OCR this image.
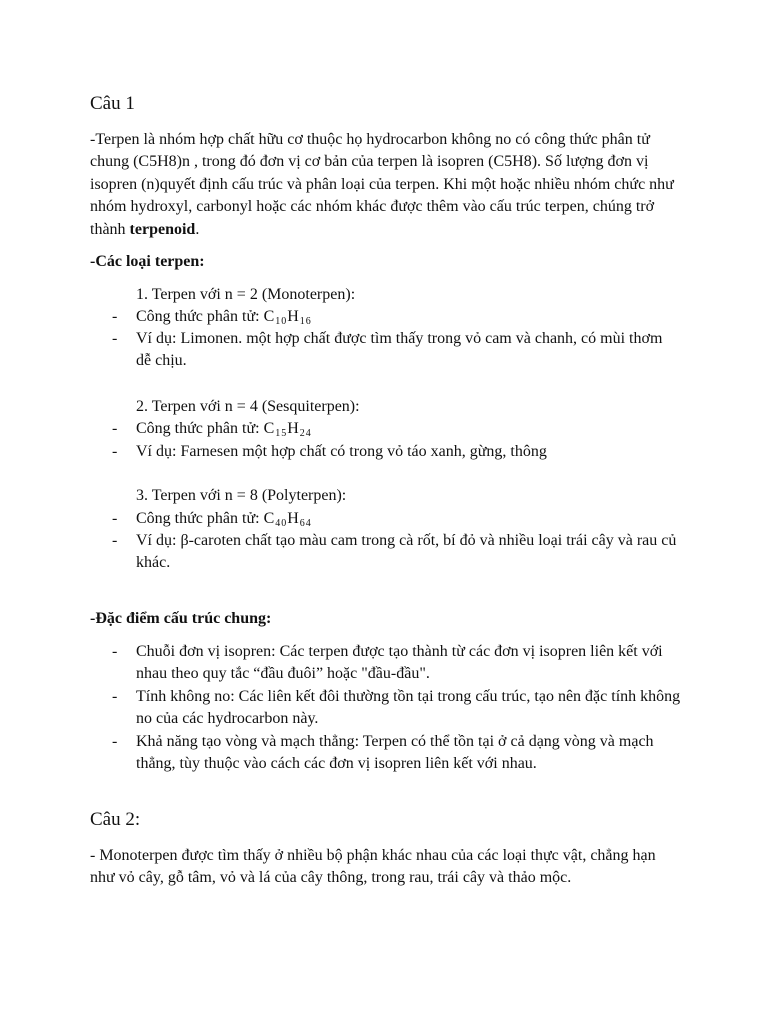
Câu 1

-Terpen là nhóm hợp chất hữu cơ thuộc họ hydrocarbon không no có công thức phân tử chung (C5H8)n , trong đó đơn vị cơ bản của terpen là isopren (C5H8). Số lượng đơn vị isopren (n)quyết định cấu trúc và phân loại của terpen. Khi một hoặc nhiều nhóm chức như nhóm hydroxyl, carbonyl hoặc các nhóm khác được thêm vào cấu trúc terpen, chúng trở thành terpenoid.

-Các loại terpen:

1. Terpen với n = 2 (Monoterpen):

- Công thức phân tử: $C_{10}H_{16}$
- Ví dụ: Limonen. một hợp chất được tìm thấy trong vỏ cam và chanh, có mùi thơm dễ chịu.

2. Terpen với n = 4 (Sesquiterpen):

- Công thức phân tử: $C_{15}H_{24}$
- Ví dụ: Farnesen một hợp chất có trong vỏ táo xanh, gừng, thông

3. Terpen với n = 8 (Polyterpen):

- Công thức phân tử: $C_{40}H_{64}$
- Ví dụ: β-caroten chất tạo màu cam trong cà rốt, bí đỏ và nhiều loại trái cây và rau củ khác.

-Đặc điểm cấu trúc chung:

- Chuỗi đơn vị isopren: Các terpen được tạo thành từ các đơn vị isopren liên kết với nhau theo quy tắc “đầu đuôi” hoặc "đầu-đầu".
- Tính không no: Các liên kết đôi thường tồn tại trong cấu trúc, tạo nên đặc tính không no của các hydrocarbon này.
- Khả năng tạo vòng và mạch thẳng: Terpen có thể tồn tại ở cả dạng vòng và mạch thẳng, tùy thuộc vào cách các đơn vị isopren liên kết với nhau.
Câu 2:

- Monoterpen được tìm thấy ở nhiều bộ phận khác nhau của các loại thực vật, chẳng hạn như vỏ cây, gỗ tâm, vỏ và lá của cây thông, trong rau, trái cây và thảo mộc.
